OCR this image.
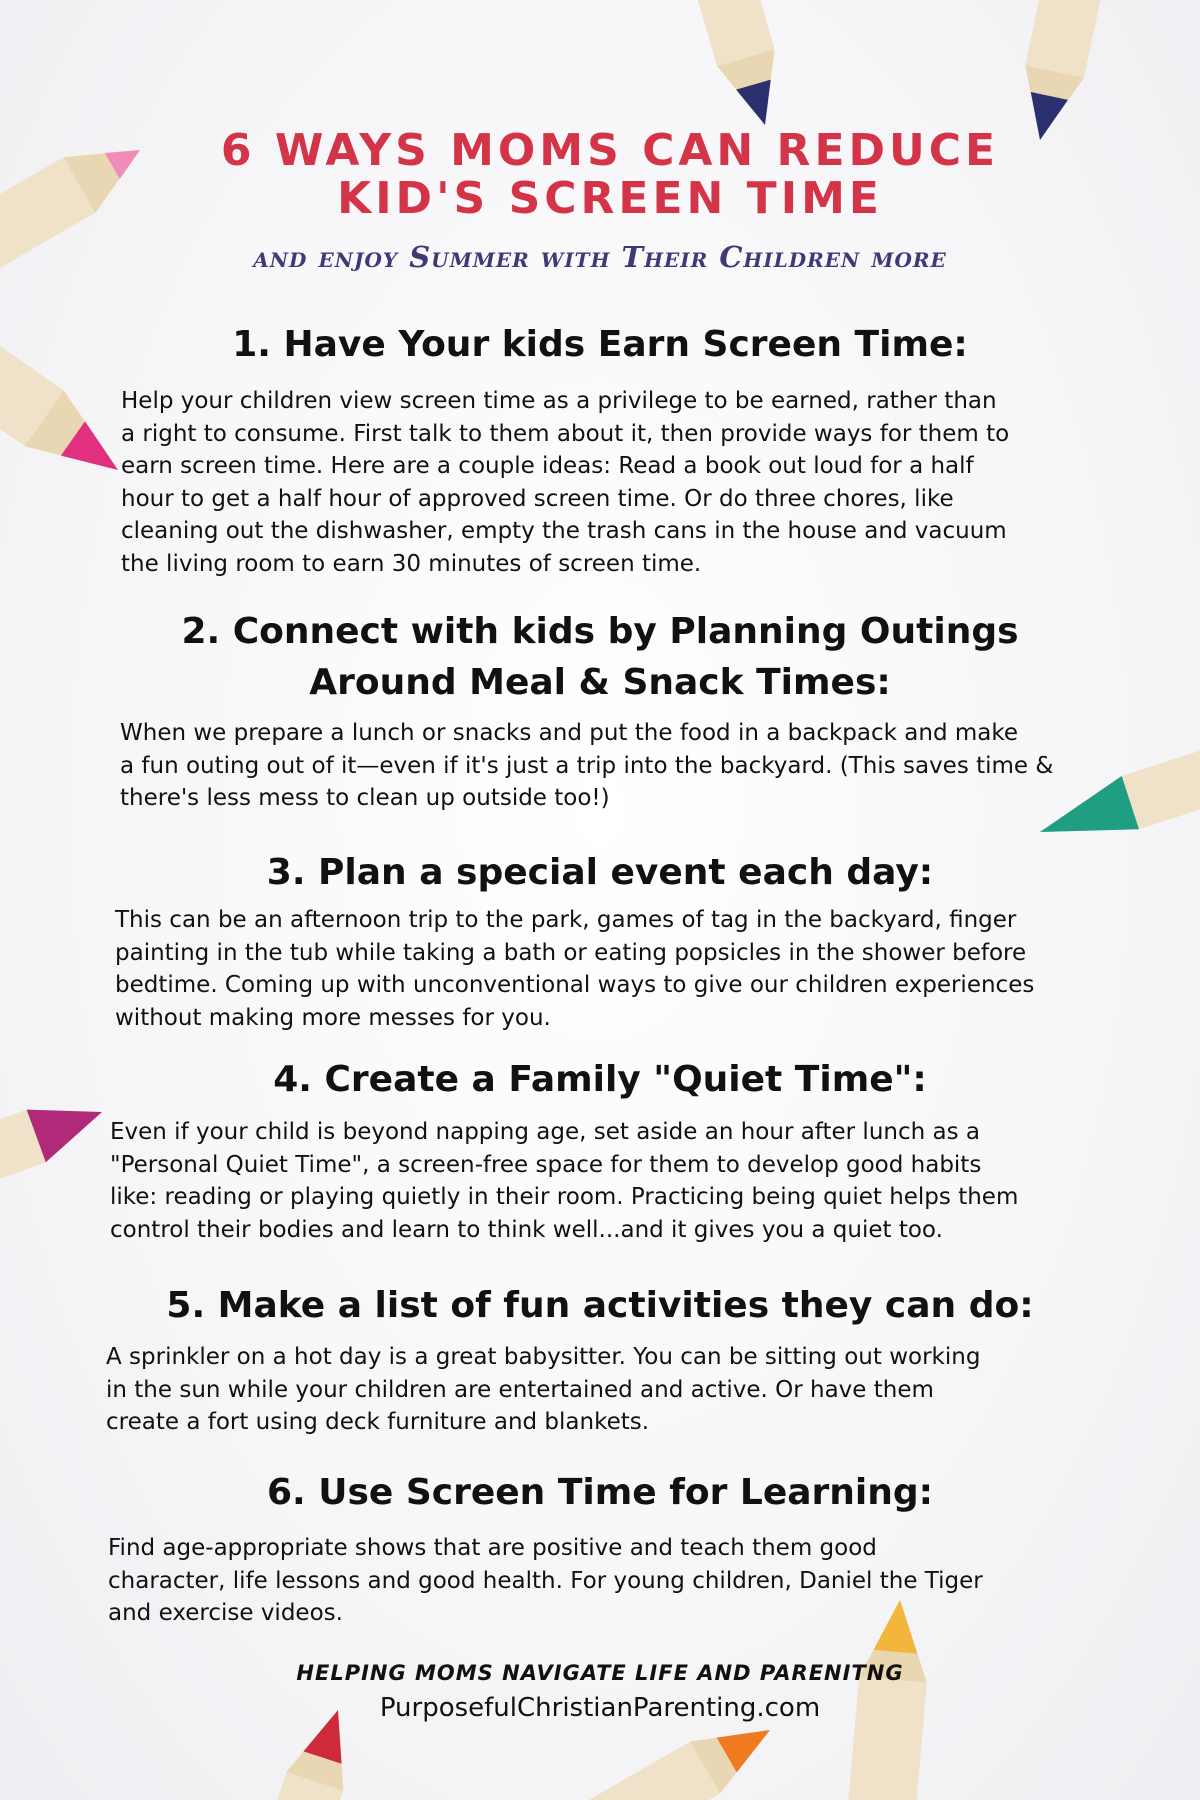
6 WAYS MOMS CAN REDUCE
KID'S SCREEN TIME

and enjoy Summer with Their Children more

1. Have Your kids Earn Screen Time:

Help your children view screen time as a privilege to be earned, rather than
a right to consume. First talk to them about it, then provide ways for them to
earn screen time. Here are a couple ideas: Read a book out loud for a half
hour to get a half hour of approved screen time. Or do three chores, like
cleaning out the dishwasher, empty the trash cans in the house and vacuum
the living room to earn 30 minutes of screen time.

2. Connect with kids by Planning Outings
Around Meal & Snack Times:

When we prepare a lunch or snacks and put the food in a backpack and make
a fun outing out of it—even if it's just a trip into the backyard. (This saves time &
there's less mess to clean up outside too!)

3. Plan a special event each day:

This can be an afternoon trip to the park, games of tag in the backyard, finger
painting in the tub while taking a bath or eating popsicles in the shower before
bedtime. Coming up with unconventional ways to give our children experiences
without making more messes for you.

4. Create a Family "Quiet Time":

Even if your child is beyond napping age, set aside an hour after lunch as a
"Personal Quiet Time", a screen-free space for them to develop good habits
like: reading or playing quietly in their room. Practicing being quiet helps them
control their bodies and learn to think well...and it gives you a quiet too.

5. Make a list of fun activities they can do:

A sprinkler on a hot day is a great babysitter. You can be sitting out working
in the sun while your children are entertained and active. Or have them
create a fort using deck furniture and blankets.

6. Use Screen Time for Learning:

Find age-appropriate shows that are positive and teach them good
character, life lessons and good health. For young children, Daniel the Tiger
and exercise videos.

HELPING MOMS NAVIGATE LIFE AND PARENITNG

PurposefulChristianParenting.com
